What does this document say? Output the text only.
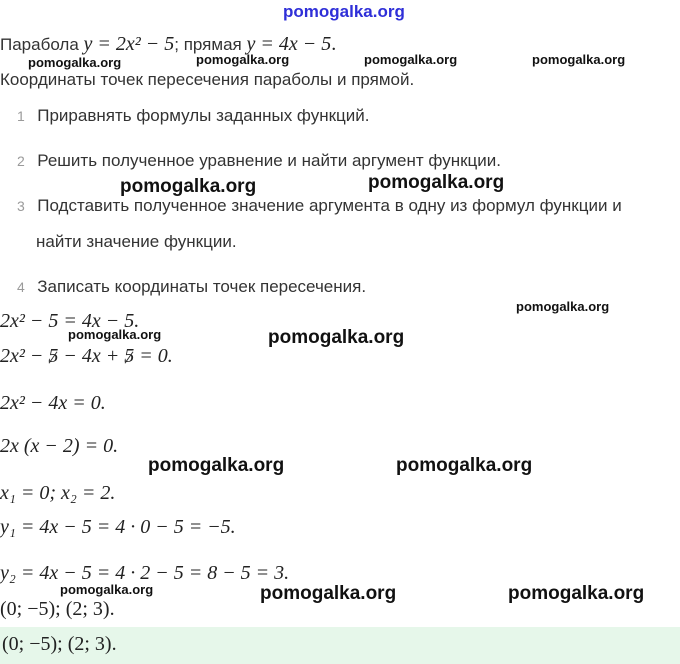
pomogalka.org
Парабола y = 2x² − 5; прямая y = 4x − 5.
Координаты точек пересечения параболы и прямой.
pomogalka.org	pomogalka.org	pomogalka.org	pomogalka.org
1 Приравнять формулы заданных функций.
2 Решить полученное уравнение и найти аргумент функции.
3 Подставить полученное значение аргумента в одну из формул функции и
найти значение функции.
4 Записать координаты точек пересечения.
pomogalka.org	pomogalka.org
pomogalka.org
2x² − 5 = 4x − 5.
pomogalka.org
2x² − 5 − 4x + 5 = 0.
pomogalka.org
2x² − 4x = 0.
2x (x − 2) = 0.
pomogalka.org	pomogalka.org
x₁ = 0; x₂ = 2.
y₁ = 4x − 5 = 4 · 0 − 5 = −5.
y₂ = 4x − 5 = 4 · 2 − 5 = 8 − 5 = 3.
pomogalka.org
(0; −5); (2; 3).
pomogalka.org	pomogalka.org
(0; −5); (2; 3).
